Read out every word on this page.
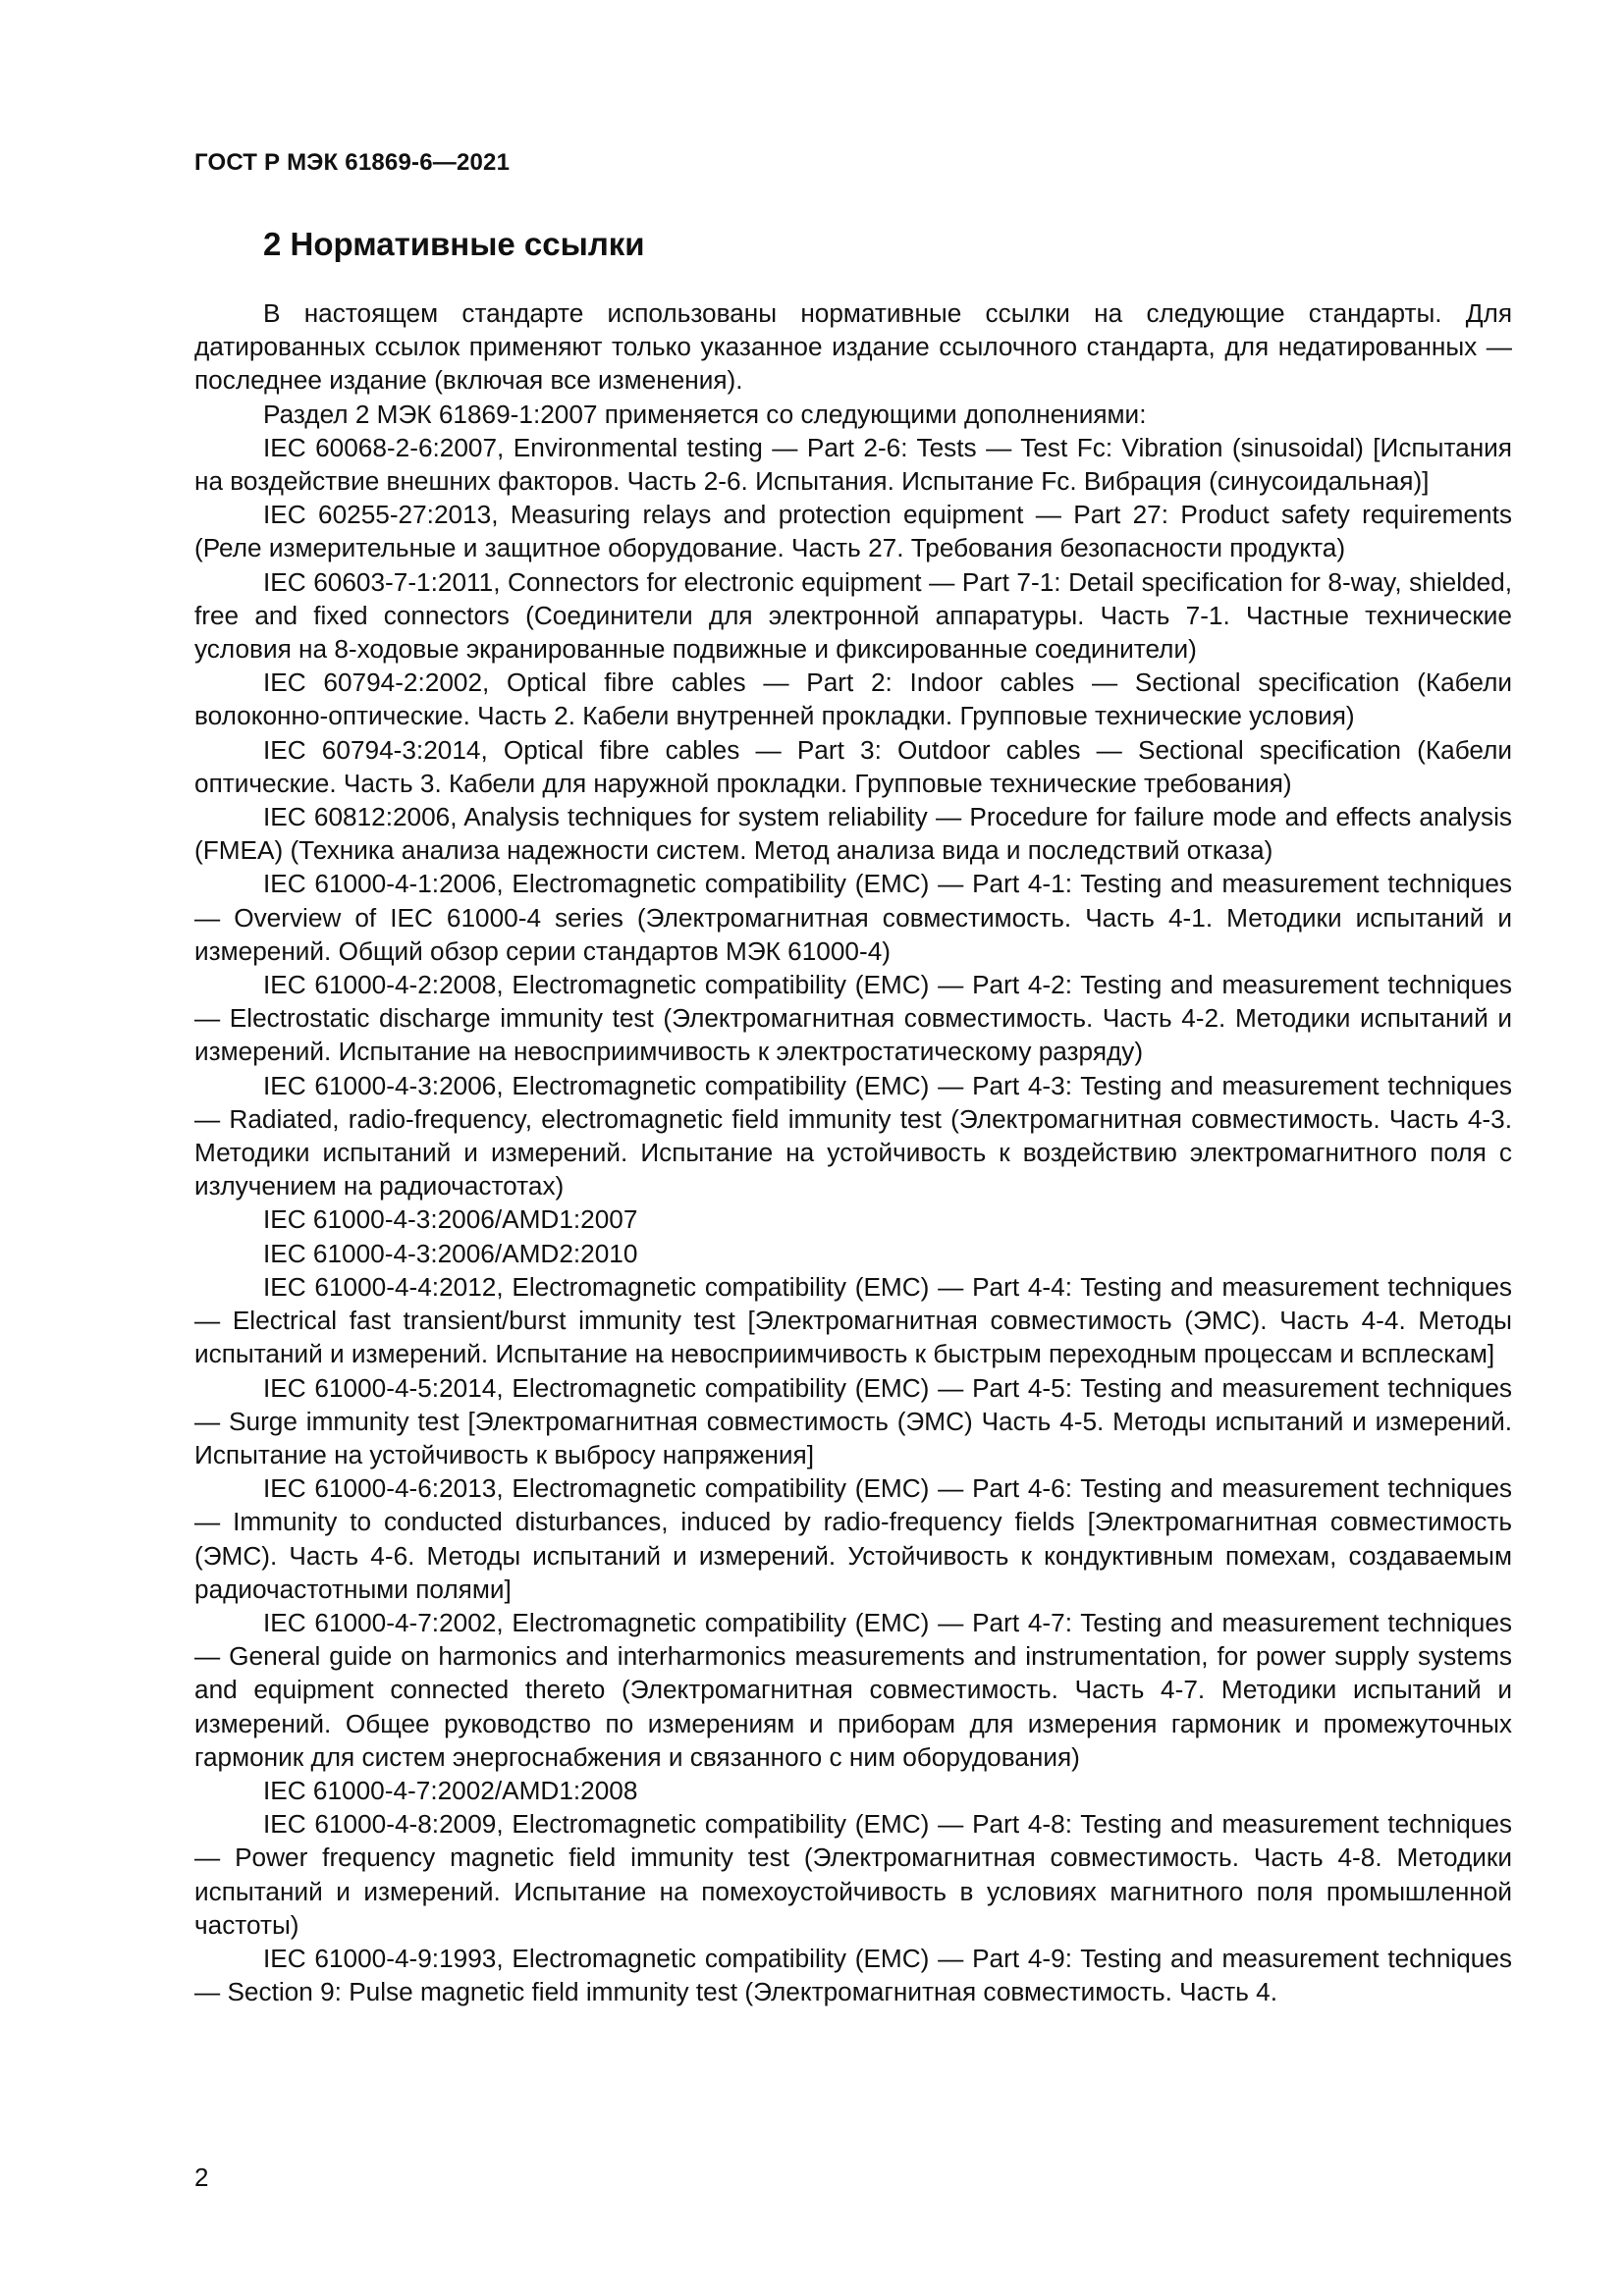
ГОСТ Р МЭК 61869-6—2021
2 Нормативные ссылки

В настоящем стандарте использованы нормативные ссылки на следующие стандарты. Для датированных ссылок применяют только указанное издание ссылочного стандарта, для недатированных — последнее издание (включая все изменения).

Раздел 2 МЭК 61869-1:2007 применяется со следующими дополнениями:

IEC 60068-2-6:2007, Environmental testing — Part 2-6: Tests — Test Fc: Vibration (sinusoidal) [Испытания на воздействие внешних факторов. Часть 2-6. Испытания. Испытание Fc. Вибрация (синусоидальная)]

IEC 60255-27:2013, Measuring relays and protection equipment — Part 27: Product safety requirements (Реле измерительные и защитное оборудование. Часть 27. Требования безопасности продукта)

IEC 60603-7-1:2011, Connectors for electronic equipment — Part 7-1: Detail specification for 8-way, shielded, free and fixed connectors (Соединители для электронной аппаратуры. Часть 7-1. Частные технические условия на 8-ходовые экранированные подвижные и фиксированные соединители)

IEC 60794-2:2002, Optical fibre cables — Part 2: Indoor cables — Sectional specification (Кабели волоконно-оптические. Часть 2. Кабели внутренней прокладки. Групповые технические условия)

IEC 60794-3:2014, Optical fibre cables — Part 3: Outdoor cables — Sectional specification (Кабели оптические. Часть 3. Кабели для наружной прокладки. Групповые технические требования)

IEC 60812:2006, Analysis techniques for system reliability — Procedure for failure mode and effects analysis (FMEA) (Техника анализа надежности систем. Метод анализа вида и последствий отказа)

IEC 61000-4-1:2006, Electromagnetic compatibility (EMC) — Part 4-1: Testing and measurement techniques — Overview of IEC 61000-4 series (Электромагнитная совместимость. Часть 4-1. Методики испытаний и измерений. Общий обзор серии стандартов МЭК 61000-4)

IEC 61000-4-2:2008, Electromagnetic compatibility (EMC) — Part 4-2: Testing and measurement techniques — Electrostatic discharge immunity test (Электромагнитная совместимость. Часть 4-2. Методики испытаний и измерений. Испытание на невосприимчивость к электростатическому разряду)

IEC 61000-4-3:2006, Electromagnetic compatibility (EMC) — Part 4-3: Testing and measurement techniques — Radiated, radio-frequency, electromagnetic field immunity test (Электромагнитная совместимость. Часть 4-3. Методики испытаний и измерений. Испытание на устойчивость к воздействию электромагнитного поля с излучением на радиочастотах)

IEC 61000-4-3:2006/AMD1:2007

IEC 61000-4-3:2006/AMD2:2010

IEC 61000-4-4:2012, Electromagnetic compatibility (EMC) — Part 4-4: Testing and measurement techniques — Electrical fast transient/burst immunity test [Электромагнитная совместимость (ЭМС). Часть 4-4. Методы испытаний и измерений. Испытание на невосприимчивость к быстрым переходным процессам и всплескам]

IEC 61000-4-5:2014, Electromagnetic compatibility (EMC) — Part 4-5: Testing and measurement techniques — Surge immunity test [Электромагнитная совместимость (ЭМС) Часть 4-5. Методы испытаний и измерений. Испытание на устойчивость к выбросу напряжения]

IEC 61000-4-6:2013, Electromagnetic compatibility (EMC) — Part 4-6: Testing and measurement techniques — Immunity to conducted disturbances, induced by radio-frequency fields [Электромагнитная совместимость (ЭМС). Часть 4-6. Методы испытаний и измерений. Устойчивость к кондуктивным помехам, создаваемым радиочастотными полями]

IEC 61000-4-7:2002, Electromagnetic compatibility (EMC) — Part 4-7: Testing and measurement techniques — General guide on harmonics and interharmonics measurements and instrumentation, for power supply systems and equipment connected thereto (Электромагнитная совместимость. Часть 4-7. Методики испытаний и измерений. Общее руководство по измерениям и приборам для измерения гармоник и промежуточных гармоник для систем энергоснабжения и связанного с ним оборудования)

IEC 61000-4-7:2002/AMD1:2008

IEC 61000-4-8:2009, Electromagnetic compatibility (EMC) — Part 4-8: Testing and measurement techniques — Power frequency magnetic field immunity test (Электромагнитная совместимость. Часть 4-8. Методики испытаний и измерений. Испытание на помехоустойчивость в условиях магнитного поля промышленной частоты)

IEC 61000-4-9:1993, Electromagnetic compatibility (EMC) — Part 4-9: Testing and measurement techniques — Section 9: Pulse magnetic field immunity test (Электромагнитная совместимость. Часть 4.

2
